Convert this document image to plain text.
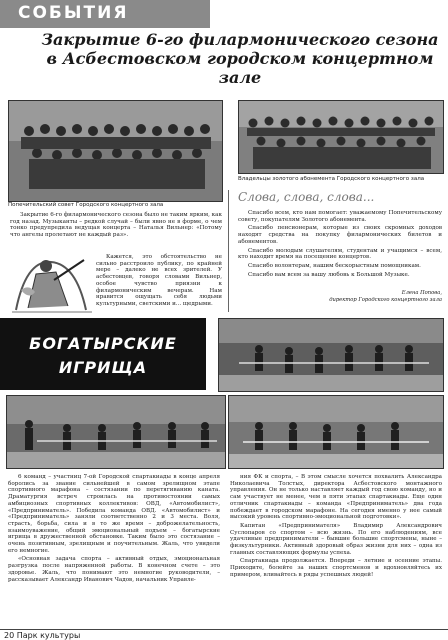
СОБЫТИЯ
Закрытие 6-го филармонического сезона
в Асбестовском городском концертном зале
Попечительский совет Городского концертного зала
Владельцы золотого абонемента Городского концертного зала

Закрытие 6-го филармонического сезона было не таким ярким, как год назад. Музыканты – редкой случай – были явно не в форме, о чем тонко предупредила ведущая концерта – Наталья Вильнер: «Потому что ангелы пролетают не каждый раз».

Кажется, это обстоятельство не сильно расстроило публику, по крайней мере – далеко не всех зрителей. У асбестовцев, говоря словами Вильнер, особое чувство приязни к филармоническим вечерам. Нам нравится ощущать себя людьми культурными, светскими и... щедрыми.

Слова, слова, слова...

Спасибо всем, кто нам помогает: уважаемому Попечительскому совету, покупателям Золотого абонемента.

Спасибо пенсионерам, которые из своих скромных доходов находят средства на покупку филармонических билетов и абонементов.

Спасибо молодым слушателям, студентам и учащимся – всем, кто находит время на посещение концертов.

Спасибо волонтерам, нашим бескорыстным помощникам.

Спасибо вам всем за вашу любовь к Большой Музыке.

Елена Попова,
директор Городского концертного зала
БОГАТЫРСКИЕ
ИГРИЩА

6 команд – участниц 7-ой Городской спартакиады в конце апреля боролись за звание сильнейшей в самом зрелищном этапе спортивного марафона – состязании по перетягиванию каната. Драматургия встреч строилась на противостоянии самых амбициозных спортивных коллективов: ОВД, «Автомобилист», «Предприниматель». Победила команда ОВД. «Автомобилист» и «Предприниматель» заняли соответственно 2 и 3 места. Воля, страсть, борьба, сила и в то же время – доброжелательность, взаимоуважение, общий эмоциональный подъем – богатырские игрища в дружественной обстановке. Таким было это состязание – очень позитивным, зрелищным и поучительным. Жаль, что увидели его немногие.

«Основная задача спорта – активный отдых, эмоциональная разгрузка после напряженной работы. В конечном счете – это здоровье. Жаль, что понимают это немногие руководители, – рассказывает Александр Иванович Чадов, начальник Управле-

ния ФК и спорта, – В этом смысле хочется похвалить Александра Николаевича Толстых, директора Асбестовского монтажного управления. Он не только наставляет каждый год свою команду, но и сам участвует не менее, чем в пяти этапах спартакиады. Еще один отличник спартакиады – команда «Предприниматель» два года побеждает в городском марафоне. На сегодня именно у нее самый высокий уровень спортивно-эмоциональной подготовки».

Капитан «Предпринимателя» Владимир Александрович Суслопаров со спортом – всю жизнь. По его наблюдениям, все удачливые предприниматели – бывшие большие спортсмены, ныне – физкультурники. Активный здоровый образ жизни для них – одна из главных составляющих формулы успеха.

Спартакиада продолжается. Впереди – летние и осенние этапы. Приходите, болейте за наших спортсменов и вдохновляйтесь их примером, вливайтесь в ряды успешных людей!

20 Парк культуры
